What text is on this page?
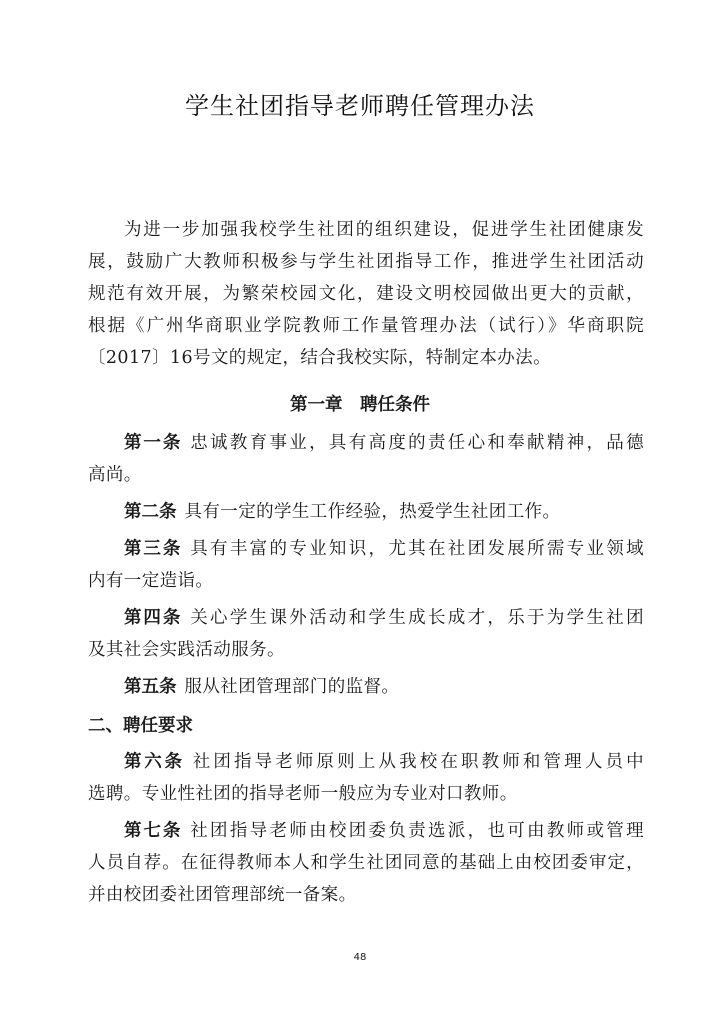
学生社团指导老师聘任管理办法
为进一步加强我校学生社团的组织建设，促进学生社团健康发
展，鼓励广大教师积极参与学生社团指导工作，推进学生社团活动
规范有效开展，为繁荣校园文化，建设文明校园做出更大的贡献，
根据《广州华商职业学院教师工作量管理办法（试行）》华商职院
〔2017〕16号文的规定，结合我校实际，特制定本办法。
第一章　聘任条件
第一条 忠诚教育事业，具有高度的责任心和奉献精神，品德
高尚。
第二条 具有一定的学生工作经验，热爱学生社团工作。
第三条 具有丰富的专业知识，尤其在社团发展所需专业领域
内有一定造诣。
第四条 关心学生课外活动和学生成长成才，乐于为学生社团
及其社会实践活动服务。
第五条 服从社团管理部门的监督。
二、聘任要求
第六条 社团指导老师原则上从我校在职教师和管理人员中
选聘。专业性社团的指导老师一般应为专业对口教师。
第七条 社团指导老师由校团委负责选派，也可由教师或管理
人员自荐。在征得教师本人和学生社团同意的基础上由校团委审定，
并由校团委社团管理部统一备案。
48
